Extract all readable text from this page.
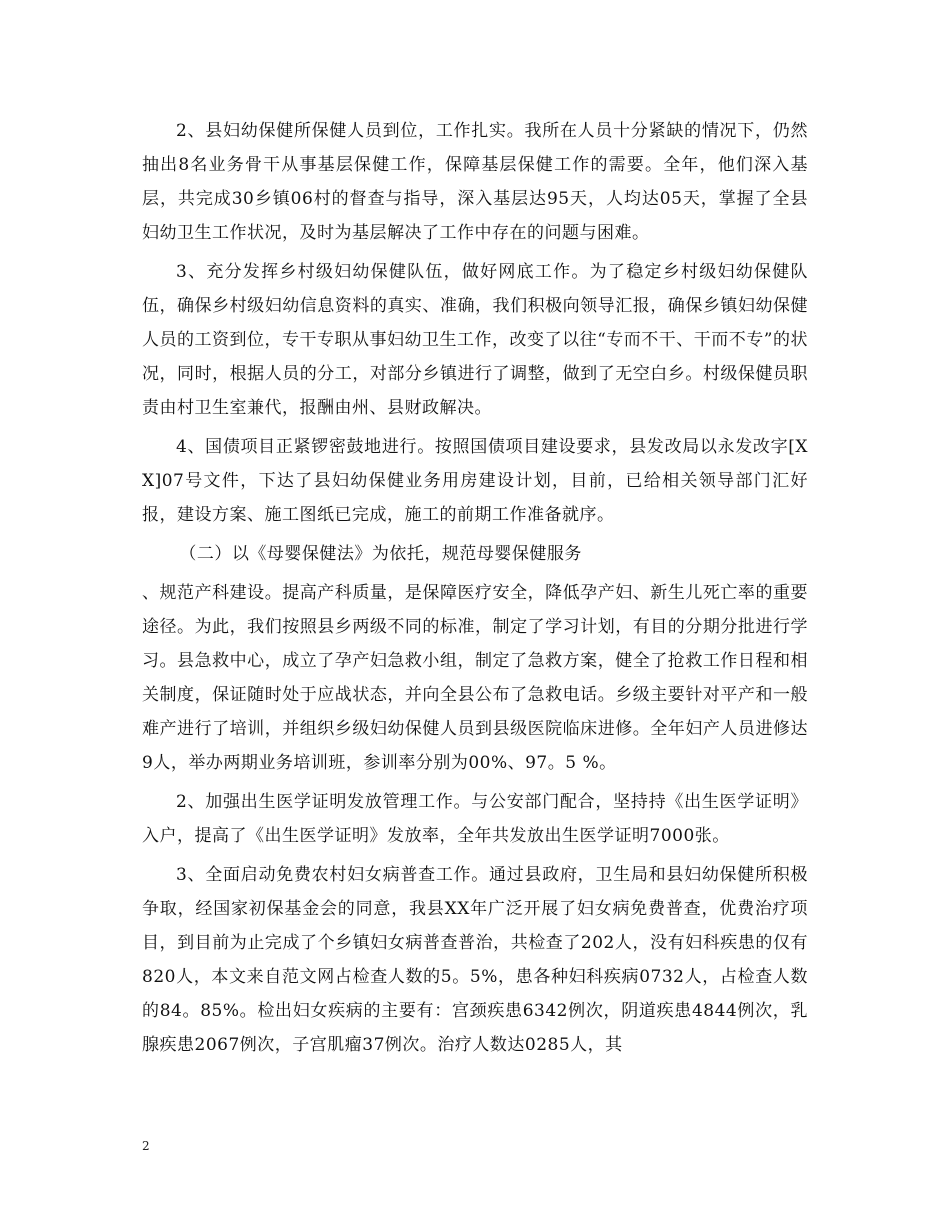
2、县妇幼保健所保健人员到位，工作扎实。我所在人员十分紧缺的情况下，仍然抽出8名业务骨干从事基层保健工作，保障基层保健工作的需要。全年，他们深入基层，共完成30乡镇06村的督查与指导，深入基层达95天，人均达05天，掌握了全县妇幼卫生工作状况，及时为基层解决了工作中存在的问题与困难。

3、充分发挥乡村级妇幼保健队伍，做好网底工作。为了稳定乡村级妇幼保健队伍，确保乡村级妇幼信息资料的真实、准确，我们积极向领导汇报，确保乡镇妇幼保健人员的工资到位，专干专职从事妇幼卫生工作，改变了以往“专而不干、干而不专”的状况，同时，根据人员的分工，对部分乡镇进行了调整，做到了无空白乡。村级保健员职责由村卫生室兼代，报酬由州、县财政解决。

4、国债项目正紧锣密鼓地进行。按照国债项目建设要求，县发改局以永发改字[XX]07号文件，下达了县妇幼保健业务用房建设计划，目前，已给相关领导部门汇好报，建设方案、施工图纸已完成，施工的前期工作准备就序。

（二）以《母婴保健法》为依托，规范母婴保健服务

、规范产科建设。提高产科质量，是保障医疗安全，降低孕产妇、新生儿死亡率的重要途径。为此，我们按照县乡两级不同的标准，制定了学习计划，有目的分期分批进行学习。县急救中心，成立了孕产妇急救小组，制定了急救方案，健全了抢救工作日程和相关制度，保证随时处于应战状态，并向全县公布了急救电话。乡级主要针对平产和一般难产进行了培训，并组织乡级妇幼保健人员到县级医院临床进修。全年妇产人员进修达9人，举办两期业务培训班，参训率分别为00%、97。5 %。

2、加强出生医学证明发放管理工作。与公安部门配合，坚持持《出生医学证明》入户，提高了《出生医学证明》发放率，全年共发放出生医学证明7000张。

3、全面启动免费农村妇女病普查工作。通过县政府，卫生局和县妇幼保健所积极争取，经国家初保基金会的同意，我县XX年广泛开展了妇女病免费普查，优费治疗项目，到目前为止完成了个乡镇妇女病普查普治，共检查了202人，没有妇科疾患的仅有820人，本文来自范文网占检查人数的5。5%，患各种妇科疾病0732人，占检查人数的84。85%。检出妇女疾病的主要有：宫颈疾患6342例次，阴道疾患4844例次，乳腺疾患2067例次，子宫肌瘤37例次。治疗人数达0285人，其

2
